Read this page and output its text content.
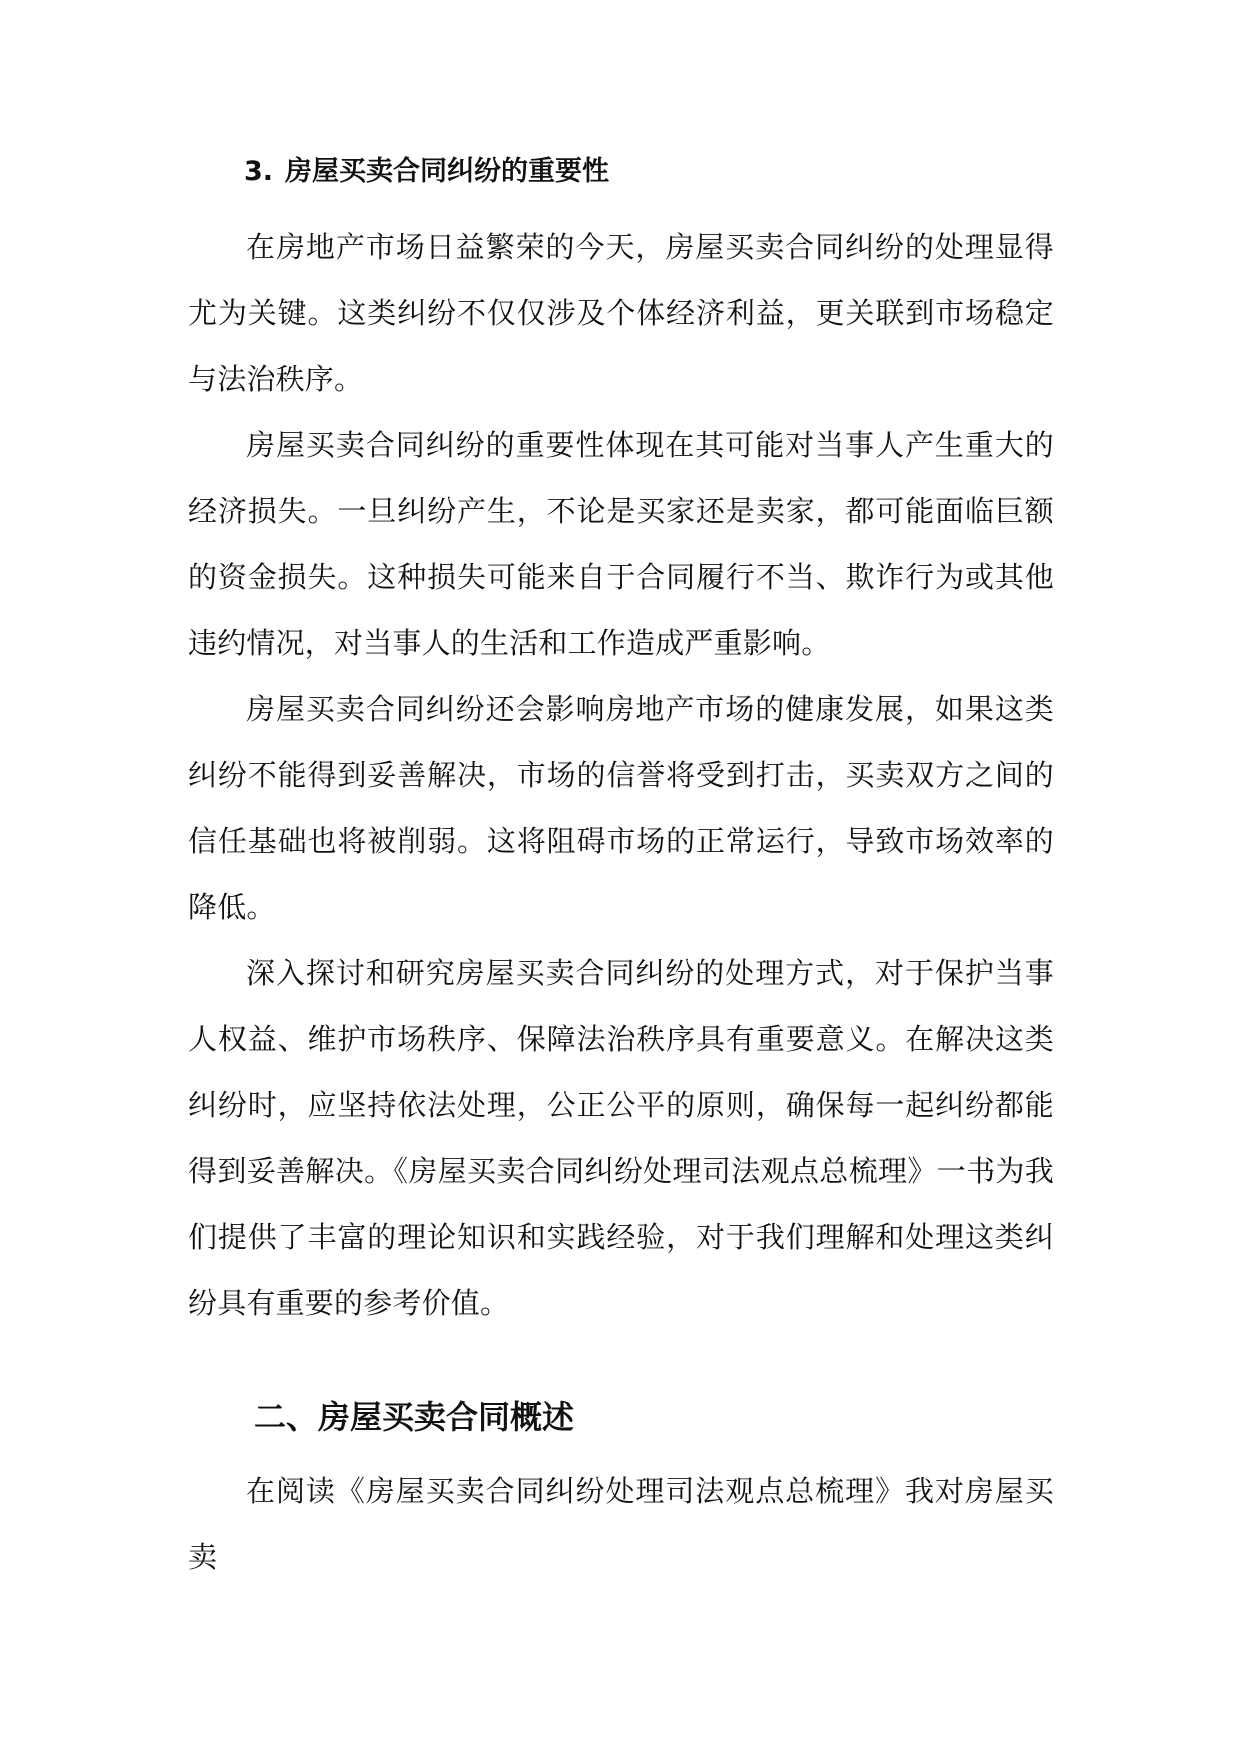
3. 房屋买卖合同纠纷的重要性

在房地产市场日益繁荣的今天，房屋买卖合同纠纷的处理显得尤为关键。这类纠纷不仅仅涉及个体经济利益，更关联到市场稳定与法治秩序。

房屋买卖合同纠纷的重要性体现在其可能对当事人产生重大的经济损失。一旦纠纷产生，不论是买家还是卖家，都可能面临巨额的资金损失。这种损失可能来自于合同履行不当、欺诈行为或其他违约情况，对当事人的生活和工作造成严重影响。

房屋买卖合同纠纷还会影响房地产市场的健康发展，如果这类纠纷不能得到妥善解决，市场的信誉将受到打击，买卖双方之间的信任基础也将被削弱。这将阻碍市场的正常运行，导致市场效率的降低。

深入探讨和研究房屋买卖合同纠纷的处理方式，对于保护当事人权益、维护市场秩序、保障法治秩序具有重要意义。在解决这类纠纷时，应坚持依法处理，公正公平的原则，确保每一起纠纷都能得到妥善解决。《房屋买卖合同纠纷处理司法观点总梳理》一书为我们提供了丰富的理论知识和实践经验，对于我们理解和处理这类纠纷具有重要的参考价值。

二、房屋买卖合同概述

在阅读《房屋买卖合同纠纷处理司法观点总梳理》我对房屋买卖
